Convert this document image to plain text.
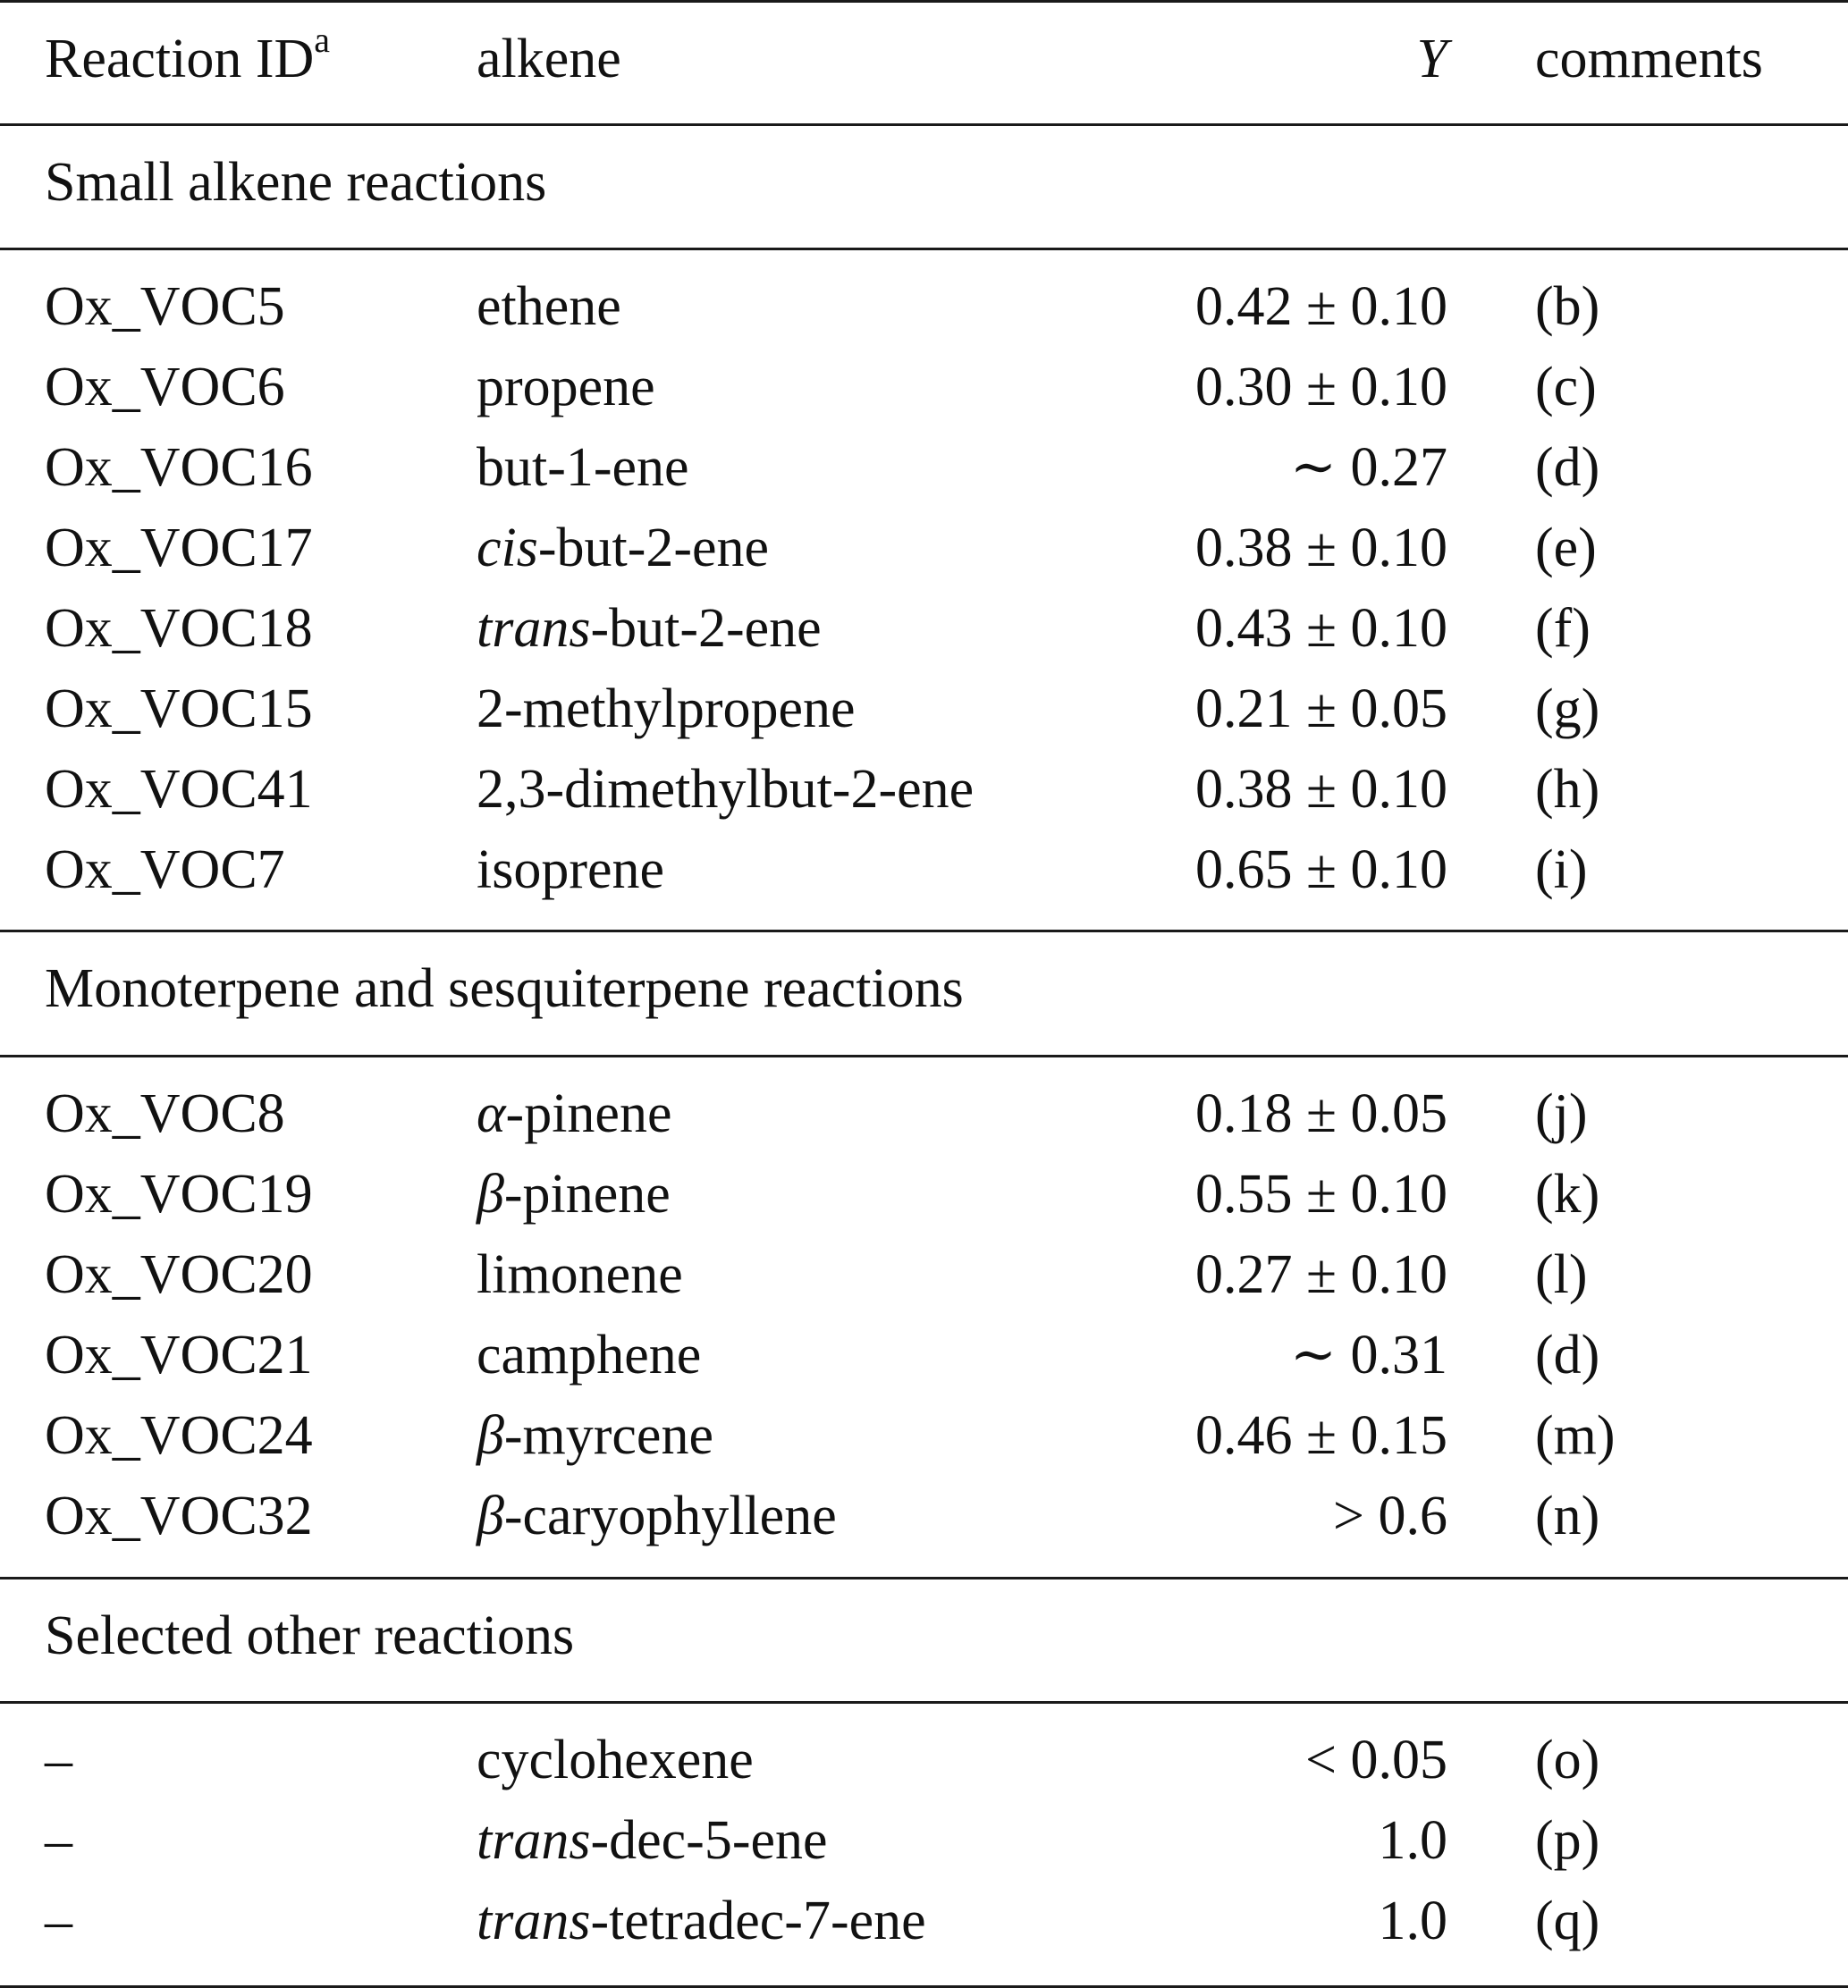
Reaction $ID^a$	alkene	Y comments
Small alkene reactions
Ox_VOC5	ethene	0.42 ± 0.10 (b)
Ox_VOC6	propene	0.30 ± 0.10 (c)
Ox_VOC16	but-1-ene	∼ 0.27 (d)
Ox_VOC17	cis-but-2-ene	0.38 ± 0.10 (e)
Ox_VOC18	trans-but-2-ene	0.43 ± 0.10 (f)
Ox_VOC15	2-methylpropene	0.21 ± 0.05 (g)
Ox_VOC41	2,3-dimethylbut-2-ene	0.38 ± 0.10 (h)
Ox_VOC7	isoprene	0.65 ± 0.10 (i)
Monoterpene and sesquiterpene reactions
Ox_VOC8	α-pinene	0.18 ± 0.05 (j)
Ox_VOC19	β-pinene	0.55 ± 0.10 (k)
Ox_VOC20	limonene	0.27 ± 0.10 (l)
Ox_VOC21	camphene	∼ 0.31 (d)
Ox_VOC24	β-myrcene	0.46 ± 0.15 (m)
Ox_VOC32	β-caryophyllene	> 0.6 (n)
Selected other reactions
–	cyclohexene	< 0.05 (o)
–	trans-dec-5-ene	1.0 (p)
–	trans-tetradec-7-ene	1.0 (q)
